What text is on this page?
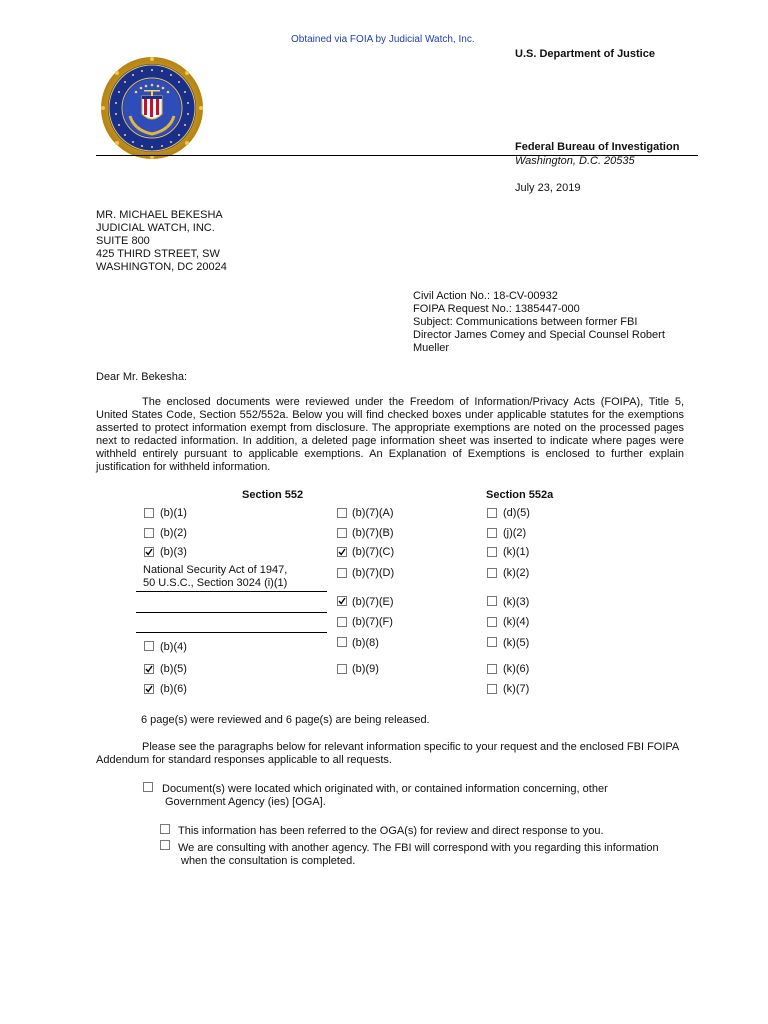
Obtained via FOIA by Judicial Watch, Inc.
U.S. Department of Justice
Federal Bureau of Investigation
Washington, D.C. 20535
July 23, 2019
MR. MICHAEL BEKESHA
JUDICIAL WATCH, INC.
SUITE 800
425 THIRD STREET, SW
WASHINGTON, DC 20024
Civil Action No.: 18-CV-00932
FOIPA Request No.: 1385447-000
Subject: Communications between former FBI
Director James Comey and Special Counsel Robert
Mueller
Dear Mr. Bekesha:
The enclosed documents were reviewed under the Freedom of Information/Privacy Acts (FOIPA), Title 5, United States Code, Section 552/552a. Below you will find checked boxes under applicable statutes for the exemptions asserted to protect information exempt from disclosure. The appropriate exemptions are noted on the processed pages next to redacted information. In addition, a deleted page information sheet was inserted to indicate where pages were withheld entirely pursuant to applicable exemptions. An Explanation of Exemptions is enclosed to further explain justification for withheld information.
Section 552	Section 552a
(b)(1)
(b)(2)
(b)(3)
National Security Act of 1947,
50 U.S.C., Section 3024 (i)(1)
(b)(4)
(b)(5)
(b)(6)
(b)(7)(A)
(b)(7)(B)
(b)(7)(C)
(b)(7)(D)
(b)(7)(E)
(b)(7)(F)
(b)(8)
(b)(9)
(d)(5)
(j)(2)
(k)(1)
(k)(2)
(k)(3)
(k)(4)
(k)(5)
(k)(6)
(k)(7)
6 page(s) were reviewed and 6 page(s) are being released.
Please see the paragraphs below for relevant information specific to your request and the enclosed FBI FOIPA Addendum for standard responses applicable to all requests.
Document(s) were located which originated with, or contained information concerning, other
Government Agency (ies) [OGA].
This information has been referred to the OGA(s) for review and direct response to you.
We are consulting with another agency. The FBI will correspond with you regarding this information
when the consultation is completed.
